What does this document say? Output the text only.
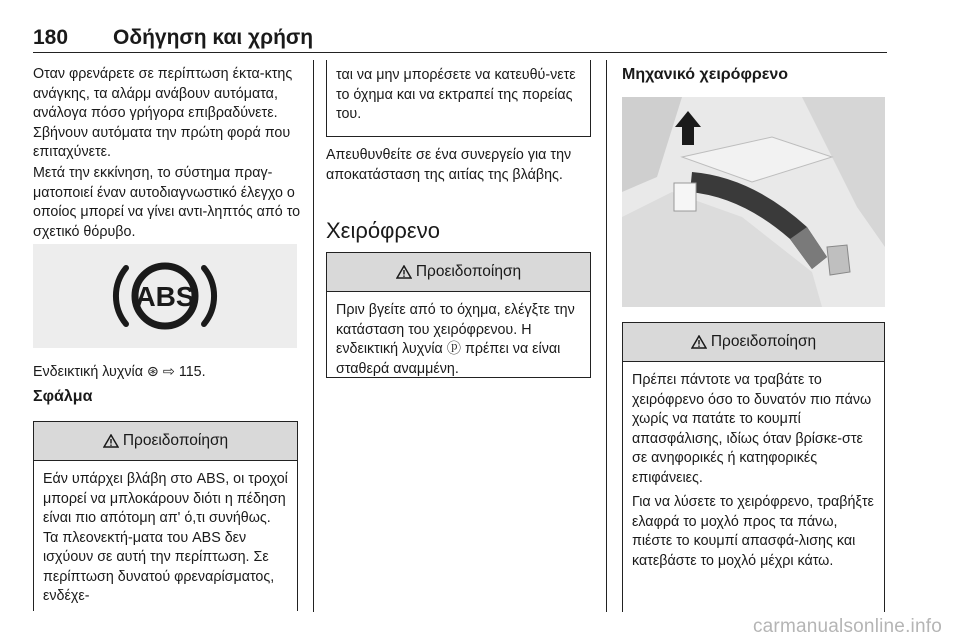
180 Οδήγηση και χρήση

Οταν φρενάρετε σε περίπτωση έκτα-κτης ανάγκης, τα αλάρμ ανάβουν αυτόματα, ανάλογα πόσο γρήγορα επιβραδύνετε. Σβήνουν αυτόματα την πρώτη φορά που επιταχύνετε.

Μετά την εκκίνηση, το σύστημα πραγ-ματοποιεί έναν αυτοδιαγνωστικό έλεγχο ο οποίος μπορεί να γίνει αντι-ληπτός από το σχετικό θόρυβο.

ABS

Ενδεικτική λυχνία ⊛ ⇨ 115.

Σφάλμα
Προειδοποίηση

Εάν υπάρχει βλάβη στο ABS, οι τροχοί μπορεί να μπλοκάρουν διότι η πέδηση είναι πιο απότομη απ' ό,τι συνήθως. Τα πλεονεκτή-ματα του ABS δεν ισχύουν σε αυτή την περίπτωση. Σε περίπτωση δυνατού φρεναρίσματος, ενδέχε-

ται να μην μπορέσετε να κατευθύ-νετε το όχημα και να εκτραπεί της πορείας του.

Απευθυνθείτε σε ένα συνεργείο για την αποκατάσταση της αιτίας της βλάβης.

Χειρόφρενο
Προειδοποίηση

Πριν βγείτε από το όχημα, ελέγξτε την κατάσταση του χειρόφρενου. Η ενδεικτική λυχνία ⓟ πρέπει να είναι σταθερά αναμμένη.

Μηχανικό χειρόφρενο
Προειδοποίηση

Πρέπει πάντοτε να τραβάτε το χειρόφρενο όσο το δυνατόν πιο πάνω χωρίς να πατάτε το κουμπί απασφάλισης, ιδίως όταν βρίσκε-στε σε ανηφορικές ή κατηφορικές επιφάνειες.

Για να λύσετε το χειρόφρενο, τραβήξτε ελαφρά το μοχλό προς τα πάνω, πιέστε το κουμπί απασφά-λισης και κατεβάστε το μοχλό μέχρι κάτω.

carmanualsonline.info
